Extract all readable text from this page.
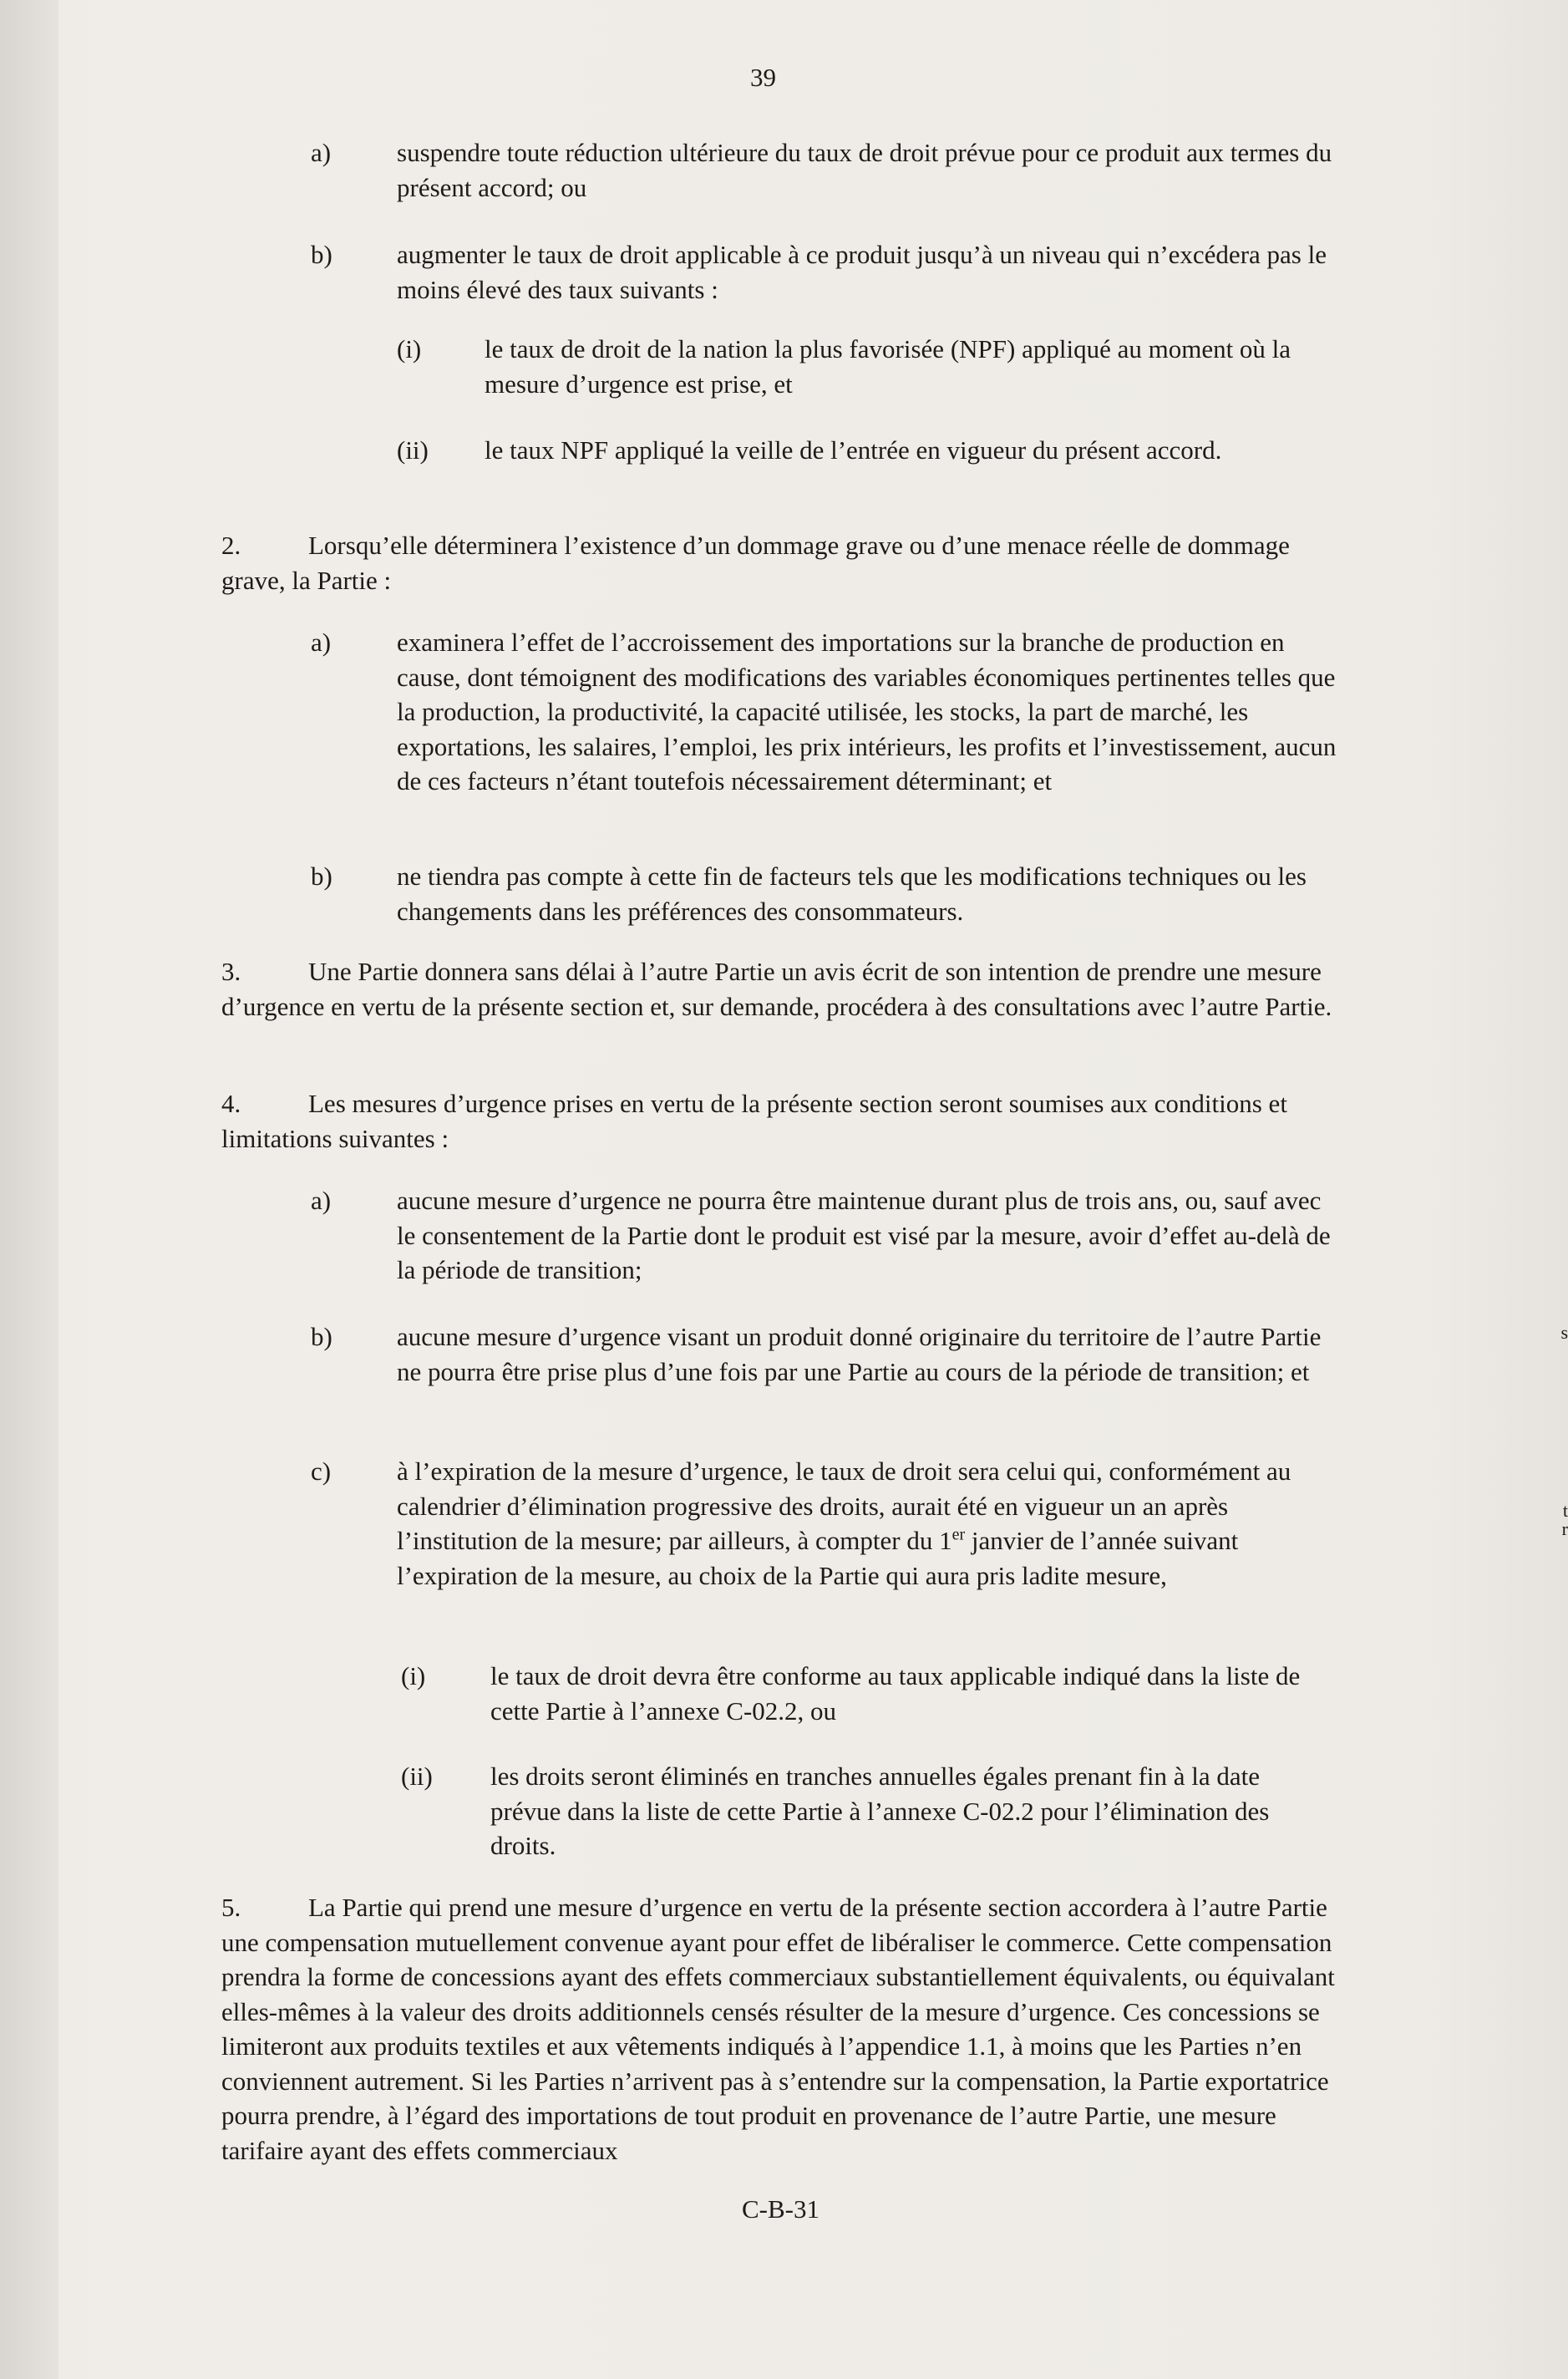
s
t
r
39
a)	suspendre toute réduction ultérieure du taux de droit prévue pour ce produit aux termes du présent accord; ou

b) augmenter le taux de droit applicable à ce produit jusqu’à un niveau qui n’excédera pas le moins élevé des taux suivants :

(i) le taux de droit de la nation la plus favorisée (NPF) appliqué au moment où la mesure d’urgence est prise, et

(ii) le taux NPF appliqué la veille de l’entrée en vigueur du présent accord.

2.	Lorsqu’elle déterminera l’existence d’un dommage grave ou d’une menace réelle de dommage grave, la Partie :

a)	examinera l’effet de l’accroissement des importations sur la branche de production en cause, dont témoignent des modifications des variables économiques pertinentes telles que la production, la productivité, la capacité utilisée, les stocks, la part de marché, les exportations, les salaires, l’emploi, les prix intérieurs, les profits et l’investissement, aucun de ces facteurs n’étant toutefois nécessairement déterminant; et

b) ne tiendra pas compte à cette fin de facteurs tels que les modifications techniques ou les changements dans les préférences des consommateurs.

3.	Une Partie donnera sans délai à l’autre Partie un avis écrit de son intention de prendre une mesure d’urgence en vertu de la présente section et, sur demande, procédera à des consultations avec l’autre Partie.

4.	Les mesures d’urgence prises en vertu de la présente section seront soumises aux conditions et limitations suivantes :

a)	aucune mesure d’urgence ne pourra être maintenue durant plus de trois ans, ou, sauf avec le consentement de la Partie dont le produit est visé par la mesure, avoir d’effet au-delà de la période de transition;

b) aucune mesure d’urgence visant un produit donné originaire du territoire de l’autre Partie ne pourra être prise plus d’une fois par une Partie au cours de la période de transition; et

c)	à l’expiration de la mesure d’urgence, le taux de droit sera celui qui, conformément au calendrier d’élimination progressive des droits, aurait été en vigueur un an après l’institution de la mesure; par ailleurs, à compter du 1er janvier de l’année suivant l’expiration de la mesure, au choix de la Partie qui aura pris ladite mesure,

(i)	le taux de droit devra être conforme au taux applicable indiqué dans la liste de cette Partie à l’annexe C-02.2, ou

(ii) les droits seront éliminés en tranches annuelles égales prenant fin à la date prévue dans la liste de cette Partie à l’annexe C-02.2 pour l’élimination des droits.

5.	La Partie qui prend une mesure d’urgence en vertu de la présente section accordera à l’autre Partie une compensation mutuellement convenue ayant pour effet de libéraliser le commerce. Cette compensation prendra la forme de concessions ayant des effets commerciaux substantiellement équivalents, ou équivalant elles-mêmes à la valeur des droits additionnels censés résulter de la mesure d’urgence. Ces concessions se limiteront aux produits textiles et aux vêtements indiqués à l’appendice 1.1, à moins que les Parties n’en conviennent autrement. Si les Parties n’arrivent pas à s’entendre sur la compensation, la Partie exportatrice pourra prendre, à l’égard des importations de tout produit en provenance de l’autre Partie, une mesure tarifaire ayant des effets commerciaux

C-B-31
